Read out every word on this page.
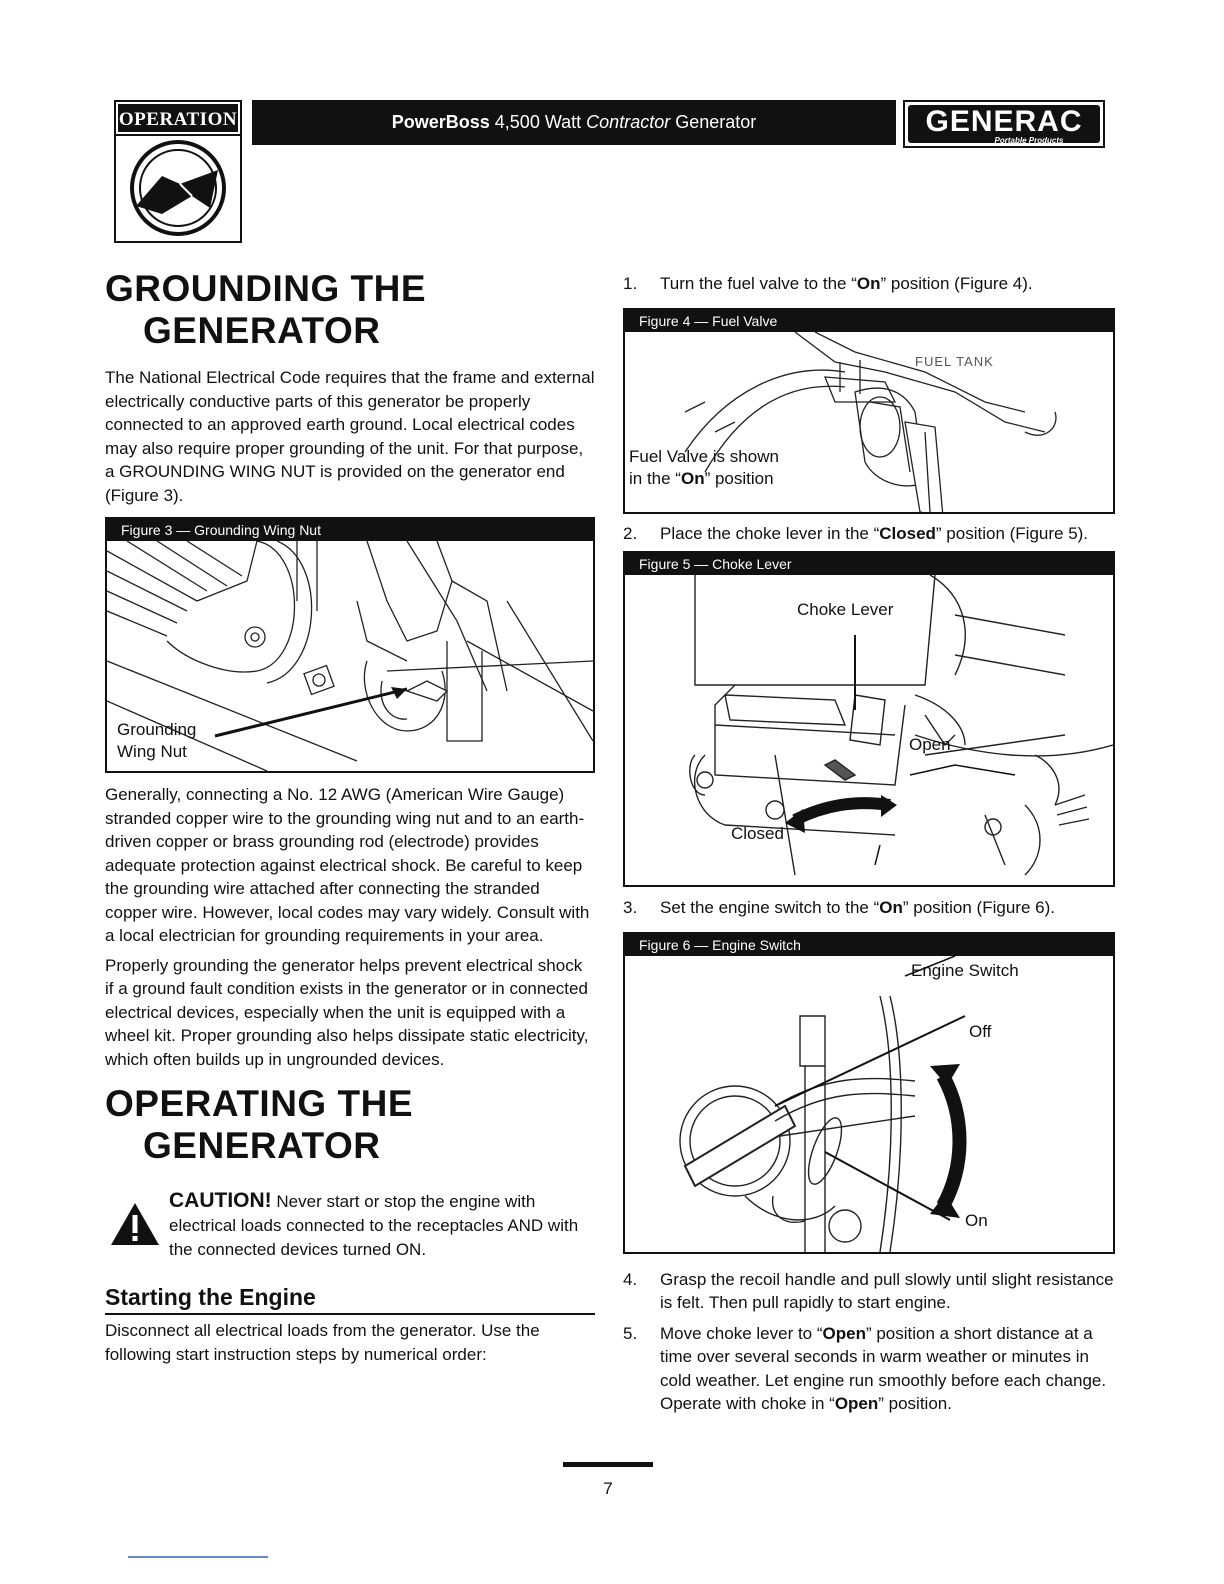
OPERATION	PowerBoss 4,500 Watt Contractor Generator	GENERAC
Portable Products
GROUNDING THE
GENERATOR

The National Electrical Code requires that the frame and external electrically conductive parts of this generator be properly connected to an approved earth ground. Local electrical codes may also require proper grounding of the unit. For that purpose, a GROUNDING WING NUT is provided on the generator end (Figure 3).

Figure 3 — Grounding Wing Nut
Grounding
Wing Nut

Generally, connecting a No. 12 AWG (American Wire Gauge) stranded copper wire to the grounding wing nut and to an earth-driven copper or brass grounding rod (electrode) provides adequate protection against electrical shock. Be careful to keep the grounding wire attached after connecting the stranded copper wire. However, local codes may vary widely. Consult with a local electrician for grounding requirements in your area.

Properly grounding the generator helps prevent electrical shock if a ground fault condition exists in the generator or in connected electrical devices, especially when the unit is equipped with a wheel kit. Proper grounding also helps dissipate static electricity, which often builds up in ungrounded devices.

OPERATING THE
GENERATOR
CAUTION! Never start or stop the engine with electrical loads connected to the receptacles AND with the connected devices turned ON.
Starting the Engine

Disconnect all electrical loads from the generator. Use the following start instruction steps by numerical order:

1. Turn the fuel valve to the “On” position (Figure 4).
Figure 4 — Fuel Valve
FUEL TANK
Fuel Valve is shown
in the “On” position
2. Place the choke lever in the “Closed” position (Figure 5).
Figure 5 — Choke Lever
Choke Lever
Open
Closed
3. Set the engine switch to the “On” position (Figure 6).
Figure 6 — Engine Switch
Engine Switch
Off
On
4. Grasp the recoil handle and pull slowly until slight resistance is felt. Then pull rapidly to start engine.
5. Move choke lever to “Open” position a short distance at a time over several seconds in warm weather or minutes in cold weather. Let engine run smoothly before each change. Operate with choke in “Open” position.
7
